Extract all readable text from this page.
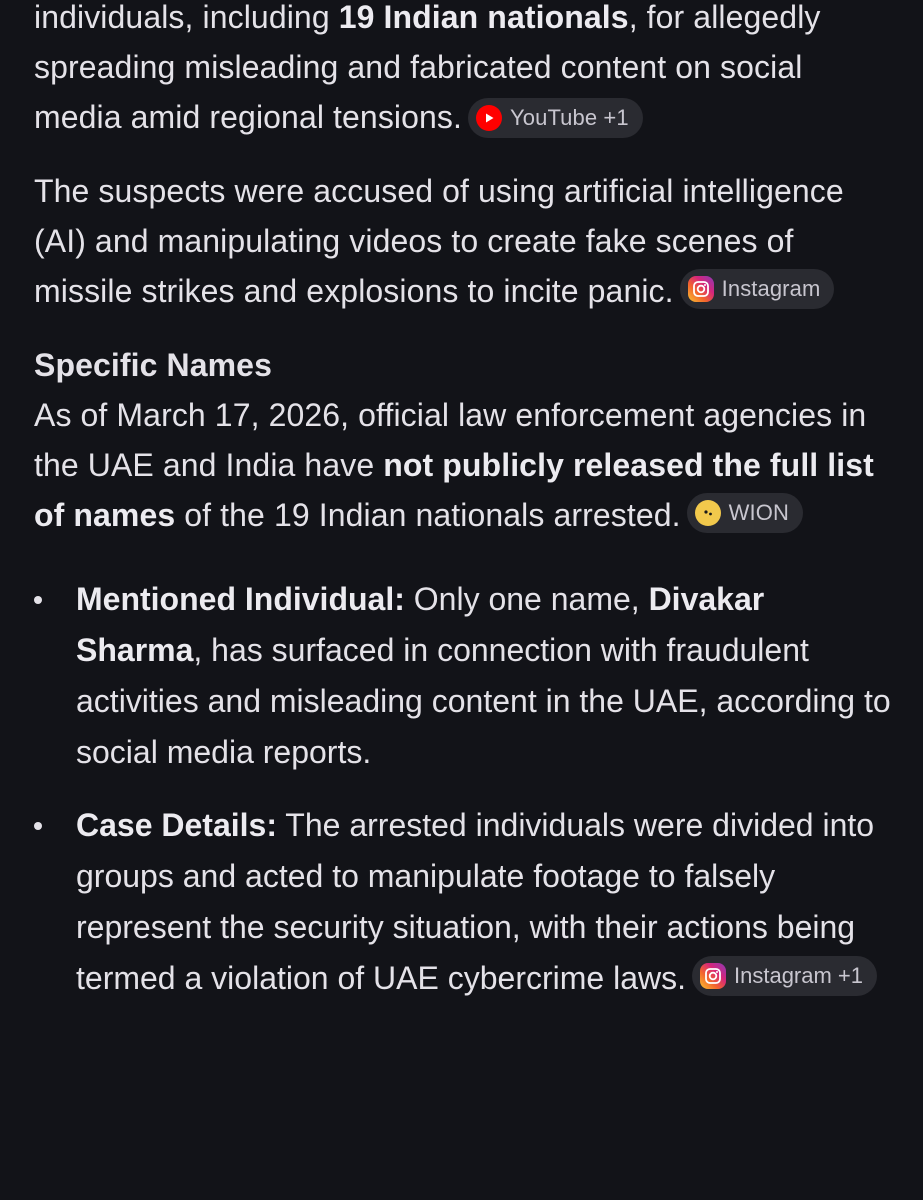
individuals, including 19 Indian nationals, for allegedly spreading misleading and fabricated content on social media amid regional tensions. YouTube +1

The suspects were accused of using artificial intelligence (AI) and manipulating videos to create fake scenes of missile strikes and explosions to incite panic. Instagram

Specific Names
As of March 17, 2026, official law enforcement agencies in the UAE and India have not publicly released the full list of names of the 19 Indian nationals arrested. WION
Mentioned Individual: Only one name, Divakar Sharma, has surfaced in connection with fraudulent activities and misleading content in the UAE, according to social media reports.
Case Details: The arrested individuals were divided into groups and acted to manipulate footage to falsely represent the security situation, with their actions being termed a violation of UAE cybercrime laws. Instagram +1
